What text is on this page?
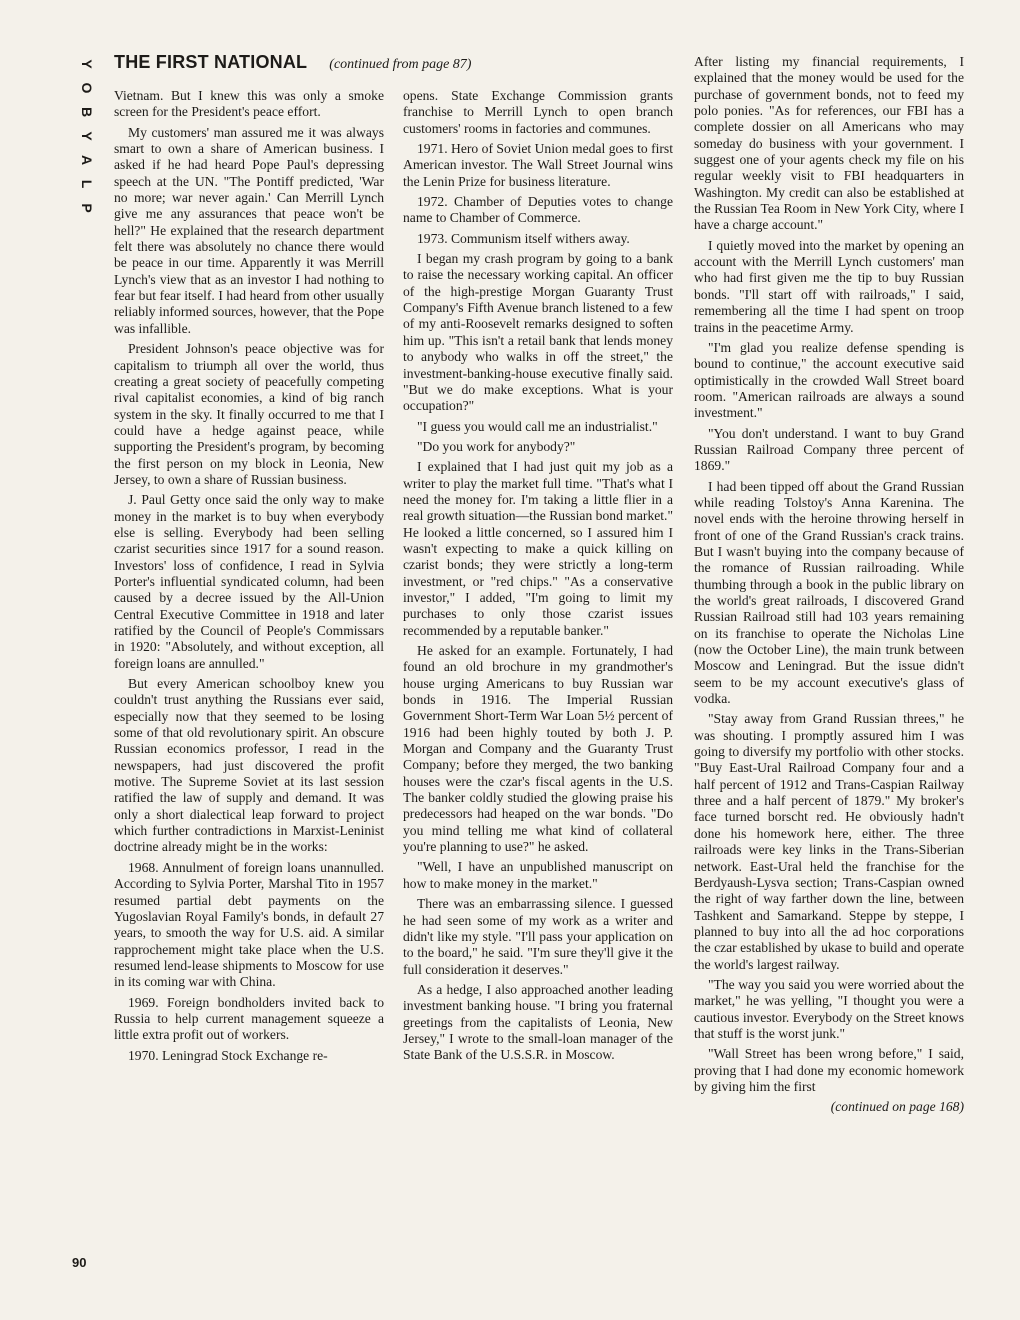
Y
O
B
Y
A
L
P
THE FIRST NATIONAL (continued from page 87)

Vietnam. But I knew this was only a smoke screen for the President's peace effort.

My customers' man assured me it was always smart to own a share of American business. I asked if he had heard Pope Paul's depressing speech at the UN. "The Pontiff predicted, 'War no more; war never again.' Can Merrill Lynch give me any assurances that peace won't be hell?" He explained that the research department felt there was absolutely no chance there would be peace in our time. Apparently it was Merrill Lynch's view that as an investor I had nothing to fear but fear itself. I had heard from other usually reliably informed sources, however, that the Pope was infallible.

President Johnson's peace objective was for capitalism to triumph all over the world, thus creating a great society of peacefully competing rival capitalist economies, a kind of big ranch system in the sky. It finally occurred to me that I could have a hedge against peace, while supporting the President's program, by becoming the first person on my block in Leonia, New Jersey, to own a share of Russian business.

J. Paul Getty once said the only way to make money in the market is to buy when everybody else is selling. Everybody had been selling czarist securities since 1917 for a sound reason. Investors' loss of confidence, I read in Sylvia Porter's influential syndicated column, had been caused by a decree issued by the All-Union Central Executive Committee in 1918 and later ratified by the Council of People's Commissars in 1920: "Absolutely, and without exception, all foreign loans are annulled."

But every American schoolboy knew you couldn't trust anything the Russians ever said, especially now that they seemed to be losing some of that old revolutionary spirit. An obscure Russian economics professor, I read in the newspapers, had just discovered the profit motive. The Supreme Soviet at its last session ratified the law of supply and demand. It was only a short dialectical leap forward to project which further contradictions in Marxist-Leninist doctrine already might be in the works:

1968. Annulment of foreign loans unannulled. According to Sylvia Porter, Marshal Tito in 1957 resumed partial debt payments on the Yugoslavian Royal Family's bonds, in default 27 years, to smooth the way for U.S. aid. A similar rapprochement might take place when the U.S. resumed lend-lease shipments to Moscow for use in its coming war with China.

1969. Foreign bondholders invited back to Russia to help current management squeeze a little extra profit out of workers.

1970. Leningrad Stock Exchange re-

opens. State Exchange Commission grants franchise to Merrill Lynch to open branch customers' rooms in factories and communes.

1971. Hero of Soviet Union medal goes to first American investor. The Wall Street Journal wins the Lenin Prize for business literature.

1972. Chamber of Deputies votes to change name to Chamber of Commerce.

1973. Communism itself withers away.

I began my crash program by going to a bank to raise the necessary working capital. An officer of the high-prestige Morgan Guaranty Trust Company's Fifth Avenue branch listened to a few of my anti-Roosevelt remarks designed to soften him up. "This isn't a retail bank that lends money to anybody who walks in off the street," the investment-banking-house executive finally said. "But we do make exceptions. What is your occupation?"

"I guess you would call me an industrialist."

"Do you work for anybody?"

I explained that I had just quit my job as a writer to play the market full time. "That's what I need the money for. I'm taking a little flier in a real growth situation—the Russian bond market." He looked a little concerned, so I assured him I wasn't expecting to make a quick killing on czarist bonds; they were strictly a long-term investment, or "red chips." "As a conservative investor," I added, "I'm going to limit my purchases to only those czarist issues recommended by a reputable banker."

He asked for an example. Fortunately, I had found an old brochure in my grandmother's house urging Americans to buy Russian war bonds in 1916. The Imperial Russian Government Short-Term War Loan 5½ percent of 1916 had been highly touted by both J. P. Morgan and Company and the Guaranty Trust Company; before they merged, the two banking houses were the czar's fiscal agents in the U.S. The banker coldly studied the glowing praise his predecessors had heaped on the war bonds. "Do you mind telling me what kind of collateral you're planning to use?" he asked.

"Well, I have an unpublished manuscript on how to make money in the market."

There was an embarrassing silence. I guessed he had seen some of my work as a writer and didn't like my style. "I'll pass your application on to the board," he said. "I'm sure they'll give it the full consideration it deserves."

As a hedge, I also approached another leading investment banking house. "I bring you fraternal greetings from the capitalists of Leonia, New Jersey," I wrote to the small-loan manager of the State Bank of the U.S.S.R. in Moscow.

After listing my financial requirements, I explained that the money would be used for the purchase of government bonds, not to feed my polo ponies. "As for references, our FBI has a complete dossier on all Americans who may someday do business with your government. I suggest one of your agents check my file on his regular weekly visit to FBI headquarters in Washington. My credit can also be established at the Russian Tea Room in New York City, where I have a charge account."

I quietly moved into the market by opening an account with the Merrill Lynch customers' man who had first given me the tip to buy Russian bonds. "I'll start off with railroads," I said, remembering all the time I had spent on troop trains in the peacetime Army.

"I'm glad you realize defense spending is bound to continue," the account executive said optimistically in the crowded Wall Street board room. "American railroads are always a sound investment."

"You don't understand. I want to buy Grand Russian Railroad Company three percent of 1869."

I had been tipped off about the Grand Russian while reading Tolstoy's Anna Karenina. The novel ends with the heroine throwing herself in front of one of the Grand Russian's crack trains. But I wasn't buying into the company because of the romance of Russian railroading. While thumbing through a book in the public library on the world's great railroads, I discovered Grand Russian Railroad still had 103 years remaining on its franchise to operate the Nicholas Line (now the October Line), the main trunk between Moscow and Leningrad. But the issue didn't seem to be my account executive's glass of vodka.

"Stay away from Grand Russian threes," he was shouting. I promptly assured him I was going to diversify my portfolio with other stocks. "Buy East-Ural Railroad Company four and a half percent of 1912 and Trans-Caspian Railway three and a half percent of 1879." My broker's face turned borscht red. He obviously hadn't done his homework here, either. The three railroads were key links in the Trans-Siberian network. East-Ural held the franchise for the Berdyaush-Lysva section; Trans-Caspian owned the right of way farther down the line, between Tashkent and Samarkand. Steppe by steppe, I planned to buy into all the ad hoc corporations the czar established by ukase to build and operate the world's largest railway.

"The way you said you were worried about the market," he was yelling, "I thought you were a cautious investor. Everybody on the Street knows that stuff is the worst junk."

"Wall Street has been wrong before," I said, proving that I had done my economic homework by giving him the first

( continued on page 168 )

90
